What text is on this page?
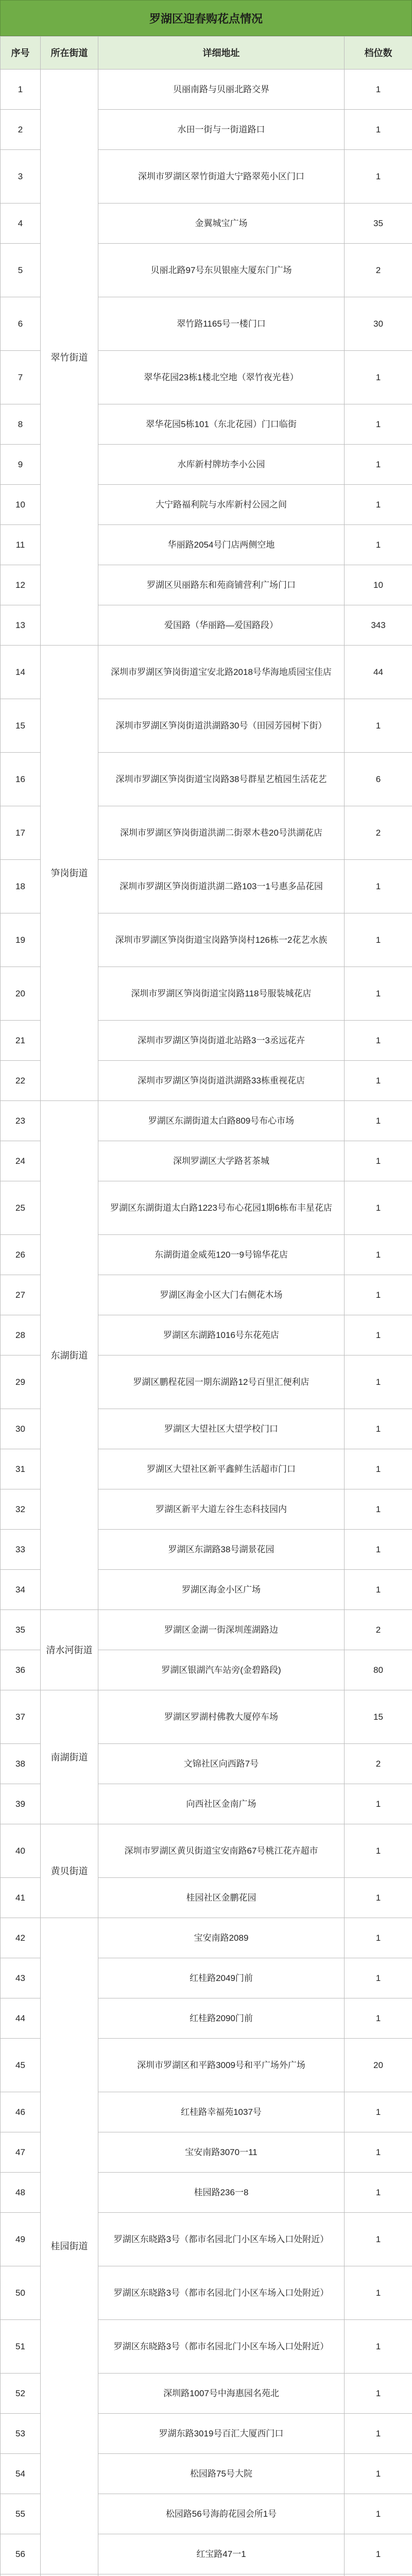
罗湖区迎春购花点情况
序号	所在街道	详细地址	档位数
1	翠竹街道	贝丽南路与贝丽北路交界	1
2		水田一街与一街道路口	1
3		深圳市罗湖区翠竹街道大宁路翠苑小区门口	1
4		金翼城宝广场	35
5		贝丽北路97号东贝银座大厦东门广场	2
6		翠竹路1165号一楼门口	30
7		翠华花园23栋1楼北空地（翠竹夜光巷）	1
8		翠华花园5栋101（东北花园）门口临街	1
9		水库新村牌坊李小公园	1
10		大宁路福利院与水库新村公园之间	1
11		华丽路2054号门店两侧空地	1
12		罗湖区贝丽路东和苑商铺营利广场门口	10
13		爱国路（华丽路—爱国路段）	343
14	笋岗街道	深圳市罗湖区笋岗街道宝安北路2018号华海地质园宝佳店	44
15		深圳市罗湖区笋岗街道洪湖路30号（田园芳园树下街）	1
16		深圳市罗湖区笋岗街道宝岗路38号群星艺植园生活花艺	6
17		深圳市罗湖区笋岗街道洪湖二街翠木巷20号洪湖花店	2
18		深圳市罗湖区笋岗街道洪湖二路103一1号惠多品花园	1
19		深圳市罗湖区笋岗街道宝岗路笋岗村126栋一2花艺水族	1
20		深圳市罗湖区笋岗街道宝岗路118号服装城花店	1
21		深圳市罗湖区笋岗街道北站路3一3丞远花卉	1
22		深圳市罗湖区笋岗街道洪湖路33栋重视花店	1
23	东湖街道	罗湖区东湖街道太白路809号布心市场	1
24		深圳罗湖区大学路茗茶城	1
25		罗湖区东湖街道太白路1223号布心花园1期6栋布丰星花店	1
26		东湖街道金威苑120一9号锦华花店	1
27		罗湖区海金小区大门右侧花木场	1
28		罗湖区东湖路1016号东花苑店	1
29		罗湖区鹏程花园一期东湖路12号百里汇便利店	1
30		罗湖区大望社区大望学校门口	1
31		罗湖区大望社区新平鑫鲜生活超市门口	1
32		罗湖区新平大道左谷生态科技园内	1
33		罗湖区东湖路38号湖景花园	1
34		罗湖区海金小区广场	1
35	清水河街道	罗湖区金湖一街深圳莲湖路边	2
36		罗湖区银湖汽车站旁(金碧路段)	80
37	南湖街道	罗湖区罗湖村佛教大厦停车场	15
38		文锦社区向西路7号	2
39		向西社区金南广场	1
40	黄贝街道	深圳市罗湖区黄贝街道宝安南路67号桃江花卉超市	1
41		桂园社区金鹏花园	1
42	桂园街道	宝安南路2089	1
43		红桂路2049门前	1
44		红桂路2090门前	1
45		深圳市罗湖区和平路3009号和平广场外广场	20
46		红桂路幸福苑1037号	1
47		宝安南路3070一11	1
48		桂园路236一8	1
49		罗湖区东晓路3号（都市名园北门小区车场入口处附近）	1
50		罗湖区东晓路3号（都市名园北门小区车场入口处附近）	1
51		罗湖区东晓路3号（都市名园北门小区车场入口处附近）	1
52		深圳路1007号中海惠园名苑北	1
53		罗湖东路3019号百汇大厦西门口	1
54		松园路75号大院	1
55		松园路56号海韵花园会所1号	1
56		红宝路47一1	1
